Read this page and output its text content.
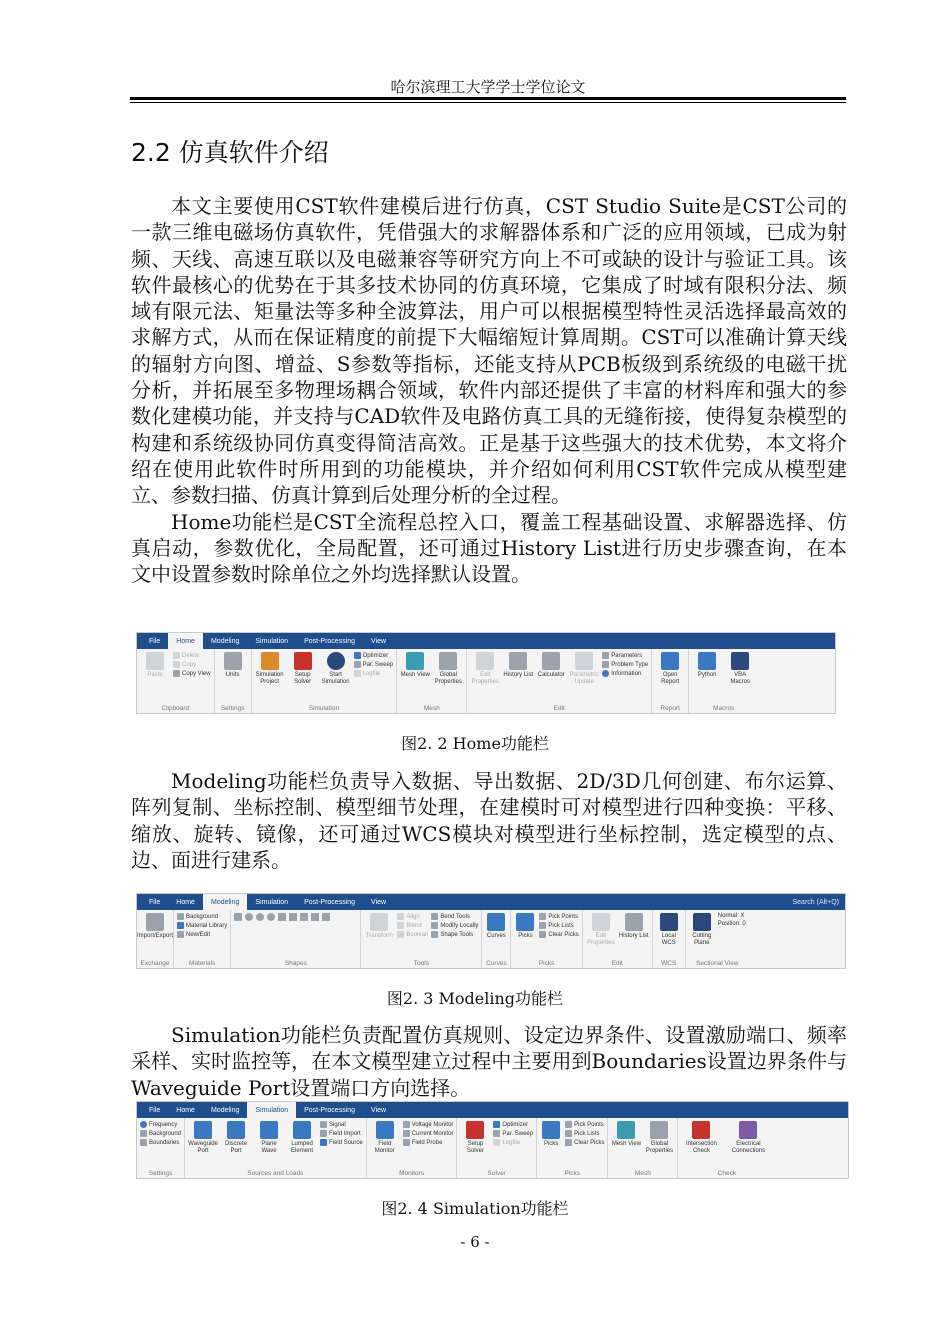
哈尔滨理工大学学士学位论文
2.2 仿真软件介绍

本文主要使用CST软件建模后进行仿真，CST Studio Suite是CST公司的一款三维电磁场仿真软件，凭借强大的求解器体系和广泛的应用领域，已成为射频、天线、高速互联以及电磁兼容等研究方向上不可或缺的设计与验证工具。该软件最核心的优势在于其多技术协同的仿真环境，它集成了时域有限积分法、频域有限元法、矩量法等多种全波算法，用户可以根据模型特性灵活选择最高效的求解方式，从而在保证精度的前提下大幅缩短计算周期。CST可以准确计算天线的辐射方向图、增益、S参数等指标，还能支持从PCB板级到系统级的电磁干扰分析，并拓展至多物理场耦合领域，软件内部还提供了丰富的材料库和强大的参数化建模功能，并支持与CAD软件及电路仿真工具的无缝衔接，使得复杂模型的构建和系统级协同仿真变得简洁高效。正是基于这些强大的技术优势，本文将介绍在使用此软件时所用到的功能模块，并介绍如何利用CST软件完成从模型建立、参数扫描、仿真计算到后处理分析的全过程。

Home功能栏是CST全流程总控入口，覆盖工程基础设置、求解器选择、仿真启动，参数优化，全局配置，还可通过History List进行历史步骤查询，在本文中设置参数时除单位之外均选择默认设置。

File	Home	Modeling	Simulation	Post-Processing	View
Paste
Delete
Copy
Copy View
Clipboard
Units
Settings
Simulation Project
Setup Solver
Start Simulation
Optimizer
Par. Sweep
Logfile
Simulation
Mesh View	Global Properties
Mesh
Edit Properties
History List Calculator Parametric Update
Parameters
Problem Type
Information
Edit
Open Report
Report
Python	VBA Macros
Macros
图2. 2 Home功能栏

Modeling功能栏负责导入数据、导出数据、2D/3D几何创建、布尔运算、阵列复制、坐标控制、模型细节处理，在建模时可对模型进行四种变换：平移、缩放、旋转、镜像，还可通过WCS模块对模型进行坐标控制，选定模型的点、边、面进行建系。

File	Home	Modeling	Simulation	Post-Processing	View	Search (Alt+Q)
Import/Export
Exchange
Background
Material Library
New/Edit
Materials	Shapes
Transform
Align
Blend
Boolean
Bend Tools
Modify Locally
Shape Tools
Tools
Curves
Curves
Picks
Pick Points
Pick Lists
Clear Picks
Picks
Edit Properties
History List
Edit
Local WCS
WCS
Cutting Plane
Normal: X
Position: 0
Sectional View
图2. 3 Modeling功能栏

Simulation功能栏负责配置仿真规则、设定边界条件、设置激励端口、频率采样、实时监控等，在本文模型建立过程中主要用到Boundaries设置边界条件与Waveguide Port设置端口方向选择。

File	Home	Modeling	Simulation	Post-Processing	View
Frequency
Background
Boundaries
Settings
Waveguide Port
Discrete Port
Plane Wave
Lumped Element
Signal
Field Import
Field Source
Sources and Loads
Field Monitor
Voltage Monitor
Current Monitor
Field Probe
Monitors
Setup Solver
Optimizer
Par. Sweep
Logfile
Solver
Picks
Pick Points
Pick Lists
Clear Picks
Picks
Mesh View	Global Properties
Mesh
Intersection Check
Electrical Connections
Check
图2. 4 Simulation功能栏
- 6 -
